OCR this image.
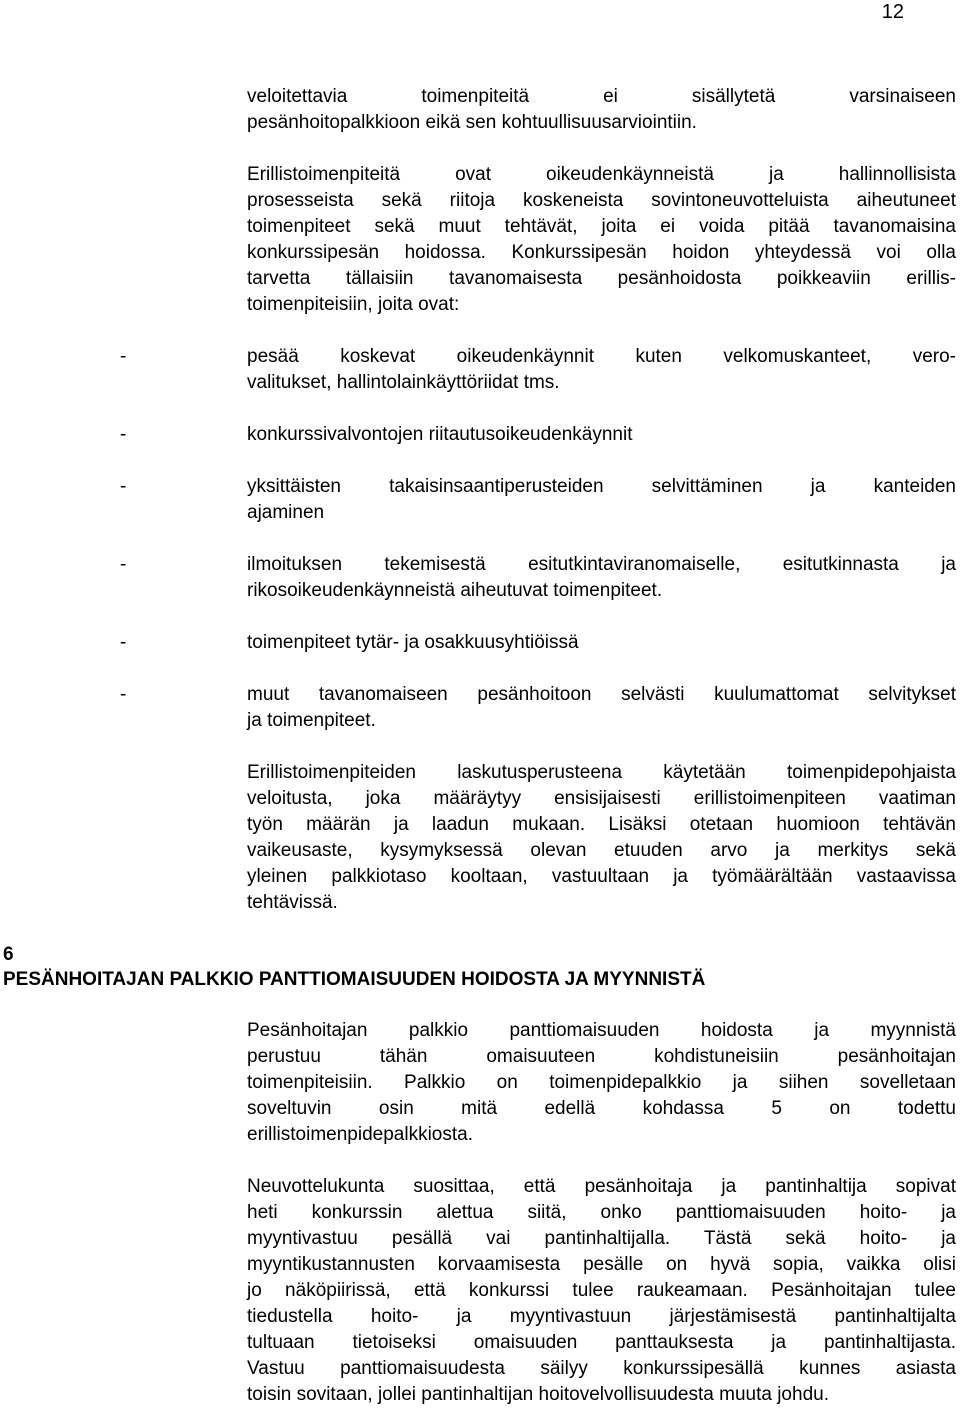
12
veloitettavia toimenpiteitä ei sisällytetä varsinaiseen
pesänhoitopalkkioon eikä sen kohtuullisuusarviointiin.
Erillistoimenpiteitä ovat oikeudenkäynneistä ja hallinnollisista
prosesseista sekä riitoja koskeneista sovintoneuvotteluista aiheutuneet
toimenpiteet sekä muut tehtävät, joita ei voida pitää tavanomaisina
konkurssipesän hoidossa. Konkurssipesän hoidon yhteydessä voi olla
tarvetta tällaisiin tavanomaisesta pesänhoidosta poikkeaviin erillis-
toimenpiteisiin, joita ovat:
-	pesää koskevat oikeudenkäynnit kuten velkomuskanteet, vero-
valitukset, hallintolainkäyttöriidat tms.
-	konkurssivalvontojen riitautusoikeudenkäynnit
-	yksittäisten takaisinsaantiperusteiden selvittäminen ja kanteiden
ajaminen
-	ilmoituksen tekemisestä esitutkintaviranomaiselle, esitutkinnasta ja
rikosoikeudenkäynneistä aiheutuvat toimenpiteet.
-	toimenpiteet tytär- ja osakkuusyhtiöissä
-	muut tavanomaiseen pesänhoitoon selvästi kuulumattomat selvitykset
ja toimenpiteet.
Erillistoimenpiteiden laskutusperusteena käytetään toimenpidepohjaista
veloitusta, joka määräytyy ensisijaisesti erillistoimenpiteen vaatiman
työn määrän ja laadun mukaan. Lisäksi otetaan huomioon tehtävän
vaikeusaste, kysymyksessä olevan etuuden arvo ja merkitys sekä
yleinen palkkiotaso kooltaan, vastuultaan ja työmäärältään vastaavissa
tehtävissä.
6
PESÄNHOITAJAN PALKKIO PANTTIOMAISUUDEN HOIDOSTA JA MYYNNISTÄ
Pesänhoitajan palkkio panttiomaisuuden hoidosta ja myynnistä
perustuu tähän omaisuuteen kohdistuneisiin pesänhoitajan
toimenpiteisiin. Palkkio on toimenpidepalkkio ja siihen sovelletaan
soveltuvin osin mitä edellä kohdassa 5 on todettu
erillistoimenpidepalkkiosta.
Neuvottelukunta suosittaa, että pesänhoitaja ja pantinhaltija sopivat
heti konkurssin alettua siitä, onko panttiomaisuuden hoito- ja
myyntivastuu pesällä vai pantinhaltijalla. Tästä sekä hoito- ja
myyntikustannusten korvaamisesta pesälle on hyvä sopia, vaikka olisi
jo näköpiirissä, että konkurssi tulee raukeamaan. Pesänhoitajan tulee
tiedustella hoito- ja myyntivastuun järjestämisestä pantinhaltijalta
tultuaan tietoiseksi omaisuuden panttauksesta ja pantinhaltijasta.
Vastuu panttiomaisuudesta säilyy konkurssipesällä kunnes asiasta
toisin sovitaan, jollei pantinhaltijan hoitovelvollisuudesta muuta johdu.
